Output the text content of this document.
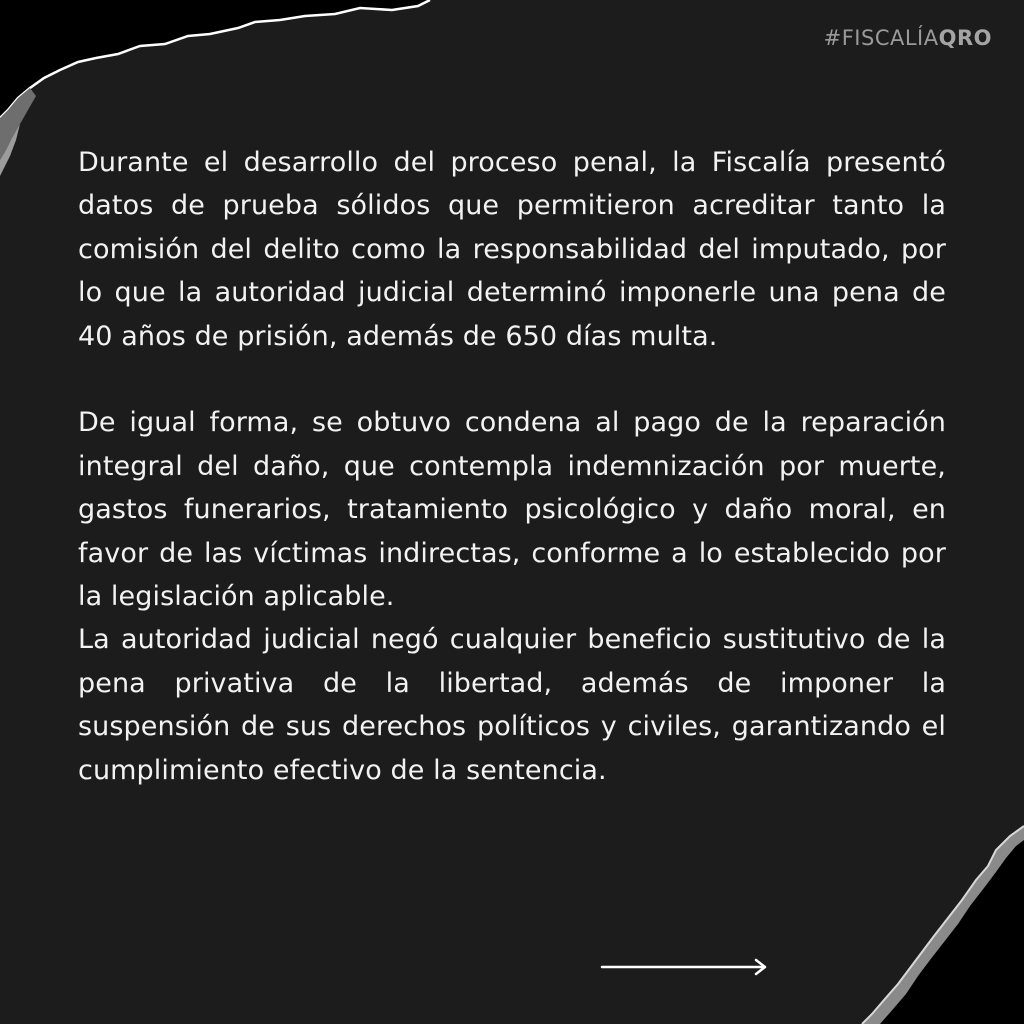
#FISCALÍAQRO

Durante el desarrollo del proceso penal, la Fiscalía presentó datos de prueba sólidos que permitieron acreditar tanto la comisión del delito como la responsabilidad del imputado, por lo que la autoridad judicial determinó imponerle una pena de 40 años de prisión, además de 650 días multa.

De igual forma, se obtuvo condena al pago de la reparación integral del daño, que contempla indemnización por muerte, gastos funerarios, tratamiento psicológico y daño moral, en favor de las víctimas indirectas, conforme a lo establecido por la legislación aplicable.

La autoridad judicial negó cualquier beneficio sustitutivo de la pena privativa de la libertad, además de imponer la suspensión de sus derechos políticos y civiles, garantizando el cumplimiento efectivo de la sentencia.
